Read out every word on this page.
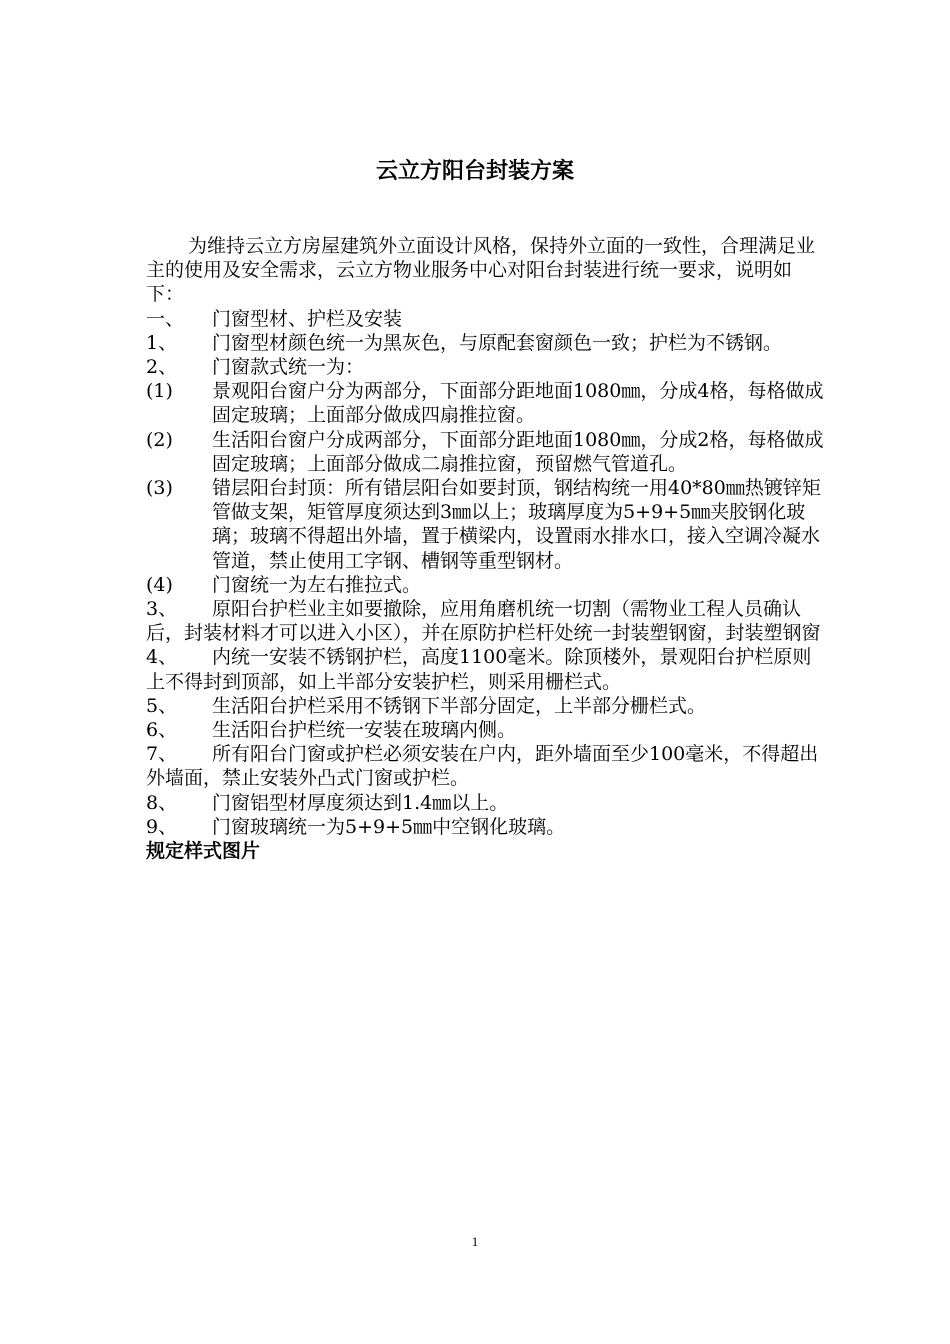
云立方阳台封装方案

为维持云立方房屋建筑外立面设计风格，保持外立面的一致性，合理满足业主的使用及安全需求，云立方物业服务中心对阳台封装进行统一要求，说明如下：

一、	门窗型材、护栏及安装
1、	门窗型材颜色统一为黑灰色，与原配套窗颜色一致；护栏为不锈钢。
2、	门窗款式统一为：
(1)	景观阳台窗户分为两部分，下面部分距地面1080㎜，分成4格，每格做成固定玻璃；上面部分做成四扇推拉窗。
(2)	生活阳台窗户分成两部分，下面部分距地面1080㎜，分成2格，每格做成固定玻璃；上面部分做成二扇推拉窗，预留燃气管道孔。
(3)	错层阳台封顶：所有错层阳台如要封顶，钢结构统一用40*80㎜热镀锌矩管做支架，矩管厚度须达到3㎜以上；玻璃厚度为5+9+5㎜夹胶钢化玻璃；玻璃不得超出外墙，置于横梁内，设置雨水排水口，接入空调冷凝水管道，禁止使用工字钢、槽钢等重型钢材。
(4)	门窗统一为左右推拉式。

3、 原阳台护栏业主如要撤除，应用角磨机统一切割（需物业工程人员确认后，封装材料才可以进入小区），并在原防护栏杆处统一封装塑钢窗，封装塑钢窗

4、 内统一安装不锈钢护栏，高度1100毫米。除顶楼外，景观阳台护栏原则上不得封到顶部，如上半部分安装护栏，则采用栅栏式。

5、 生活阳台护栏采用不锈钢下半部分固定，上半部分栅栏式。

6、 生活阳台护栏统一安装在玻璃内侧。

7、 所有阳台门窗或护栏必须安装在户内，距外墙面至少100毫米，不得超出外墙面，禁止安装外凸式门窗或护栏。

8、 门窗铝型材厚度须达到1.4㎜以上。

9、 门窗玻璃统一为5+9+5㎜中空钢化玻璃。

规定样式图片

1
